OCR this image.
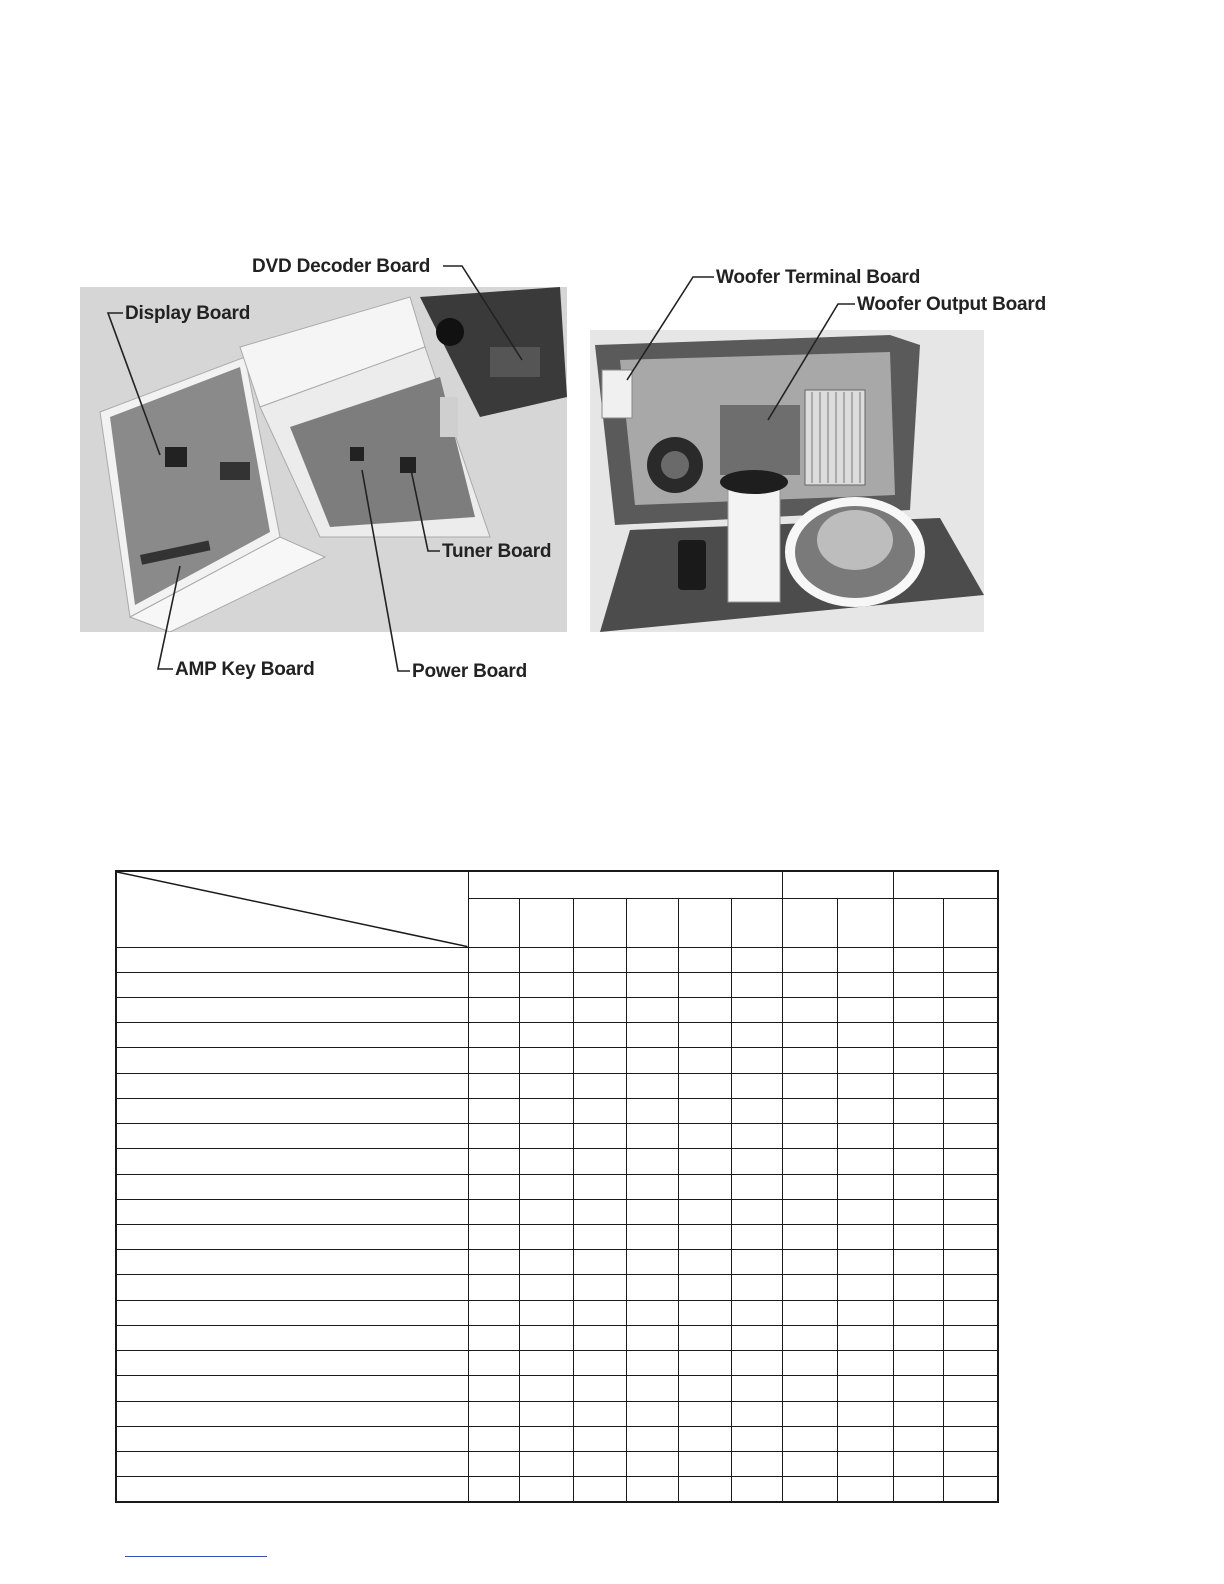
DVD Decoder Board
Display Board
Tuner Board
AMP Key Board	Power Board
Woofer Terminal Board
Woofer Output Board
